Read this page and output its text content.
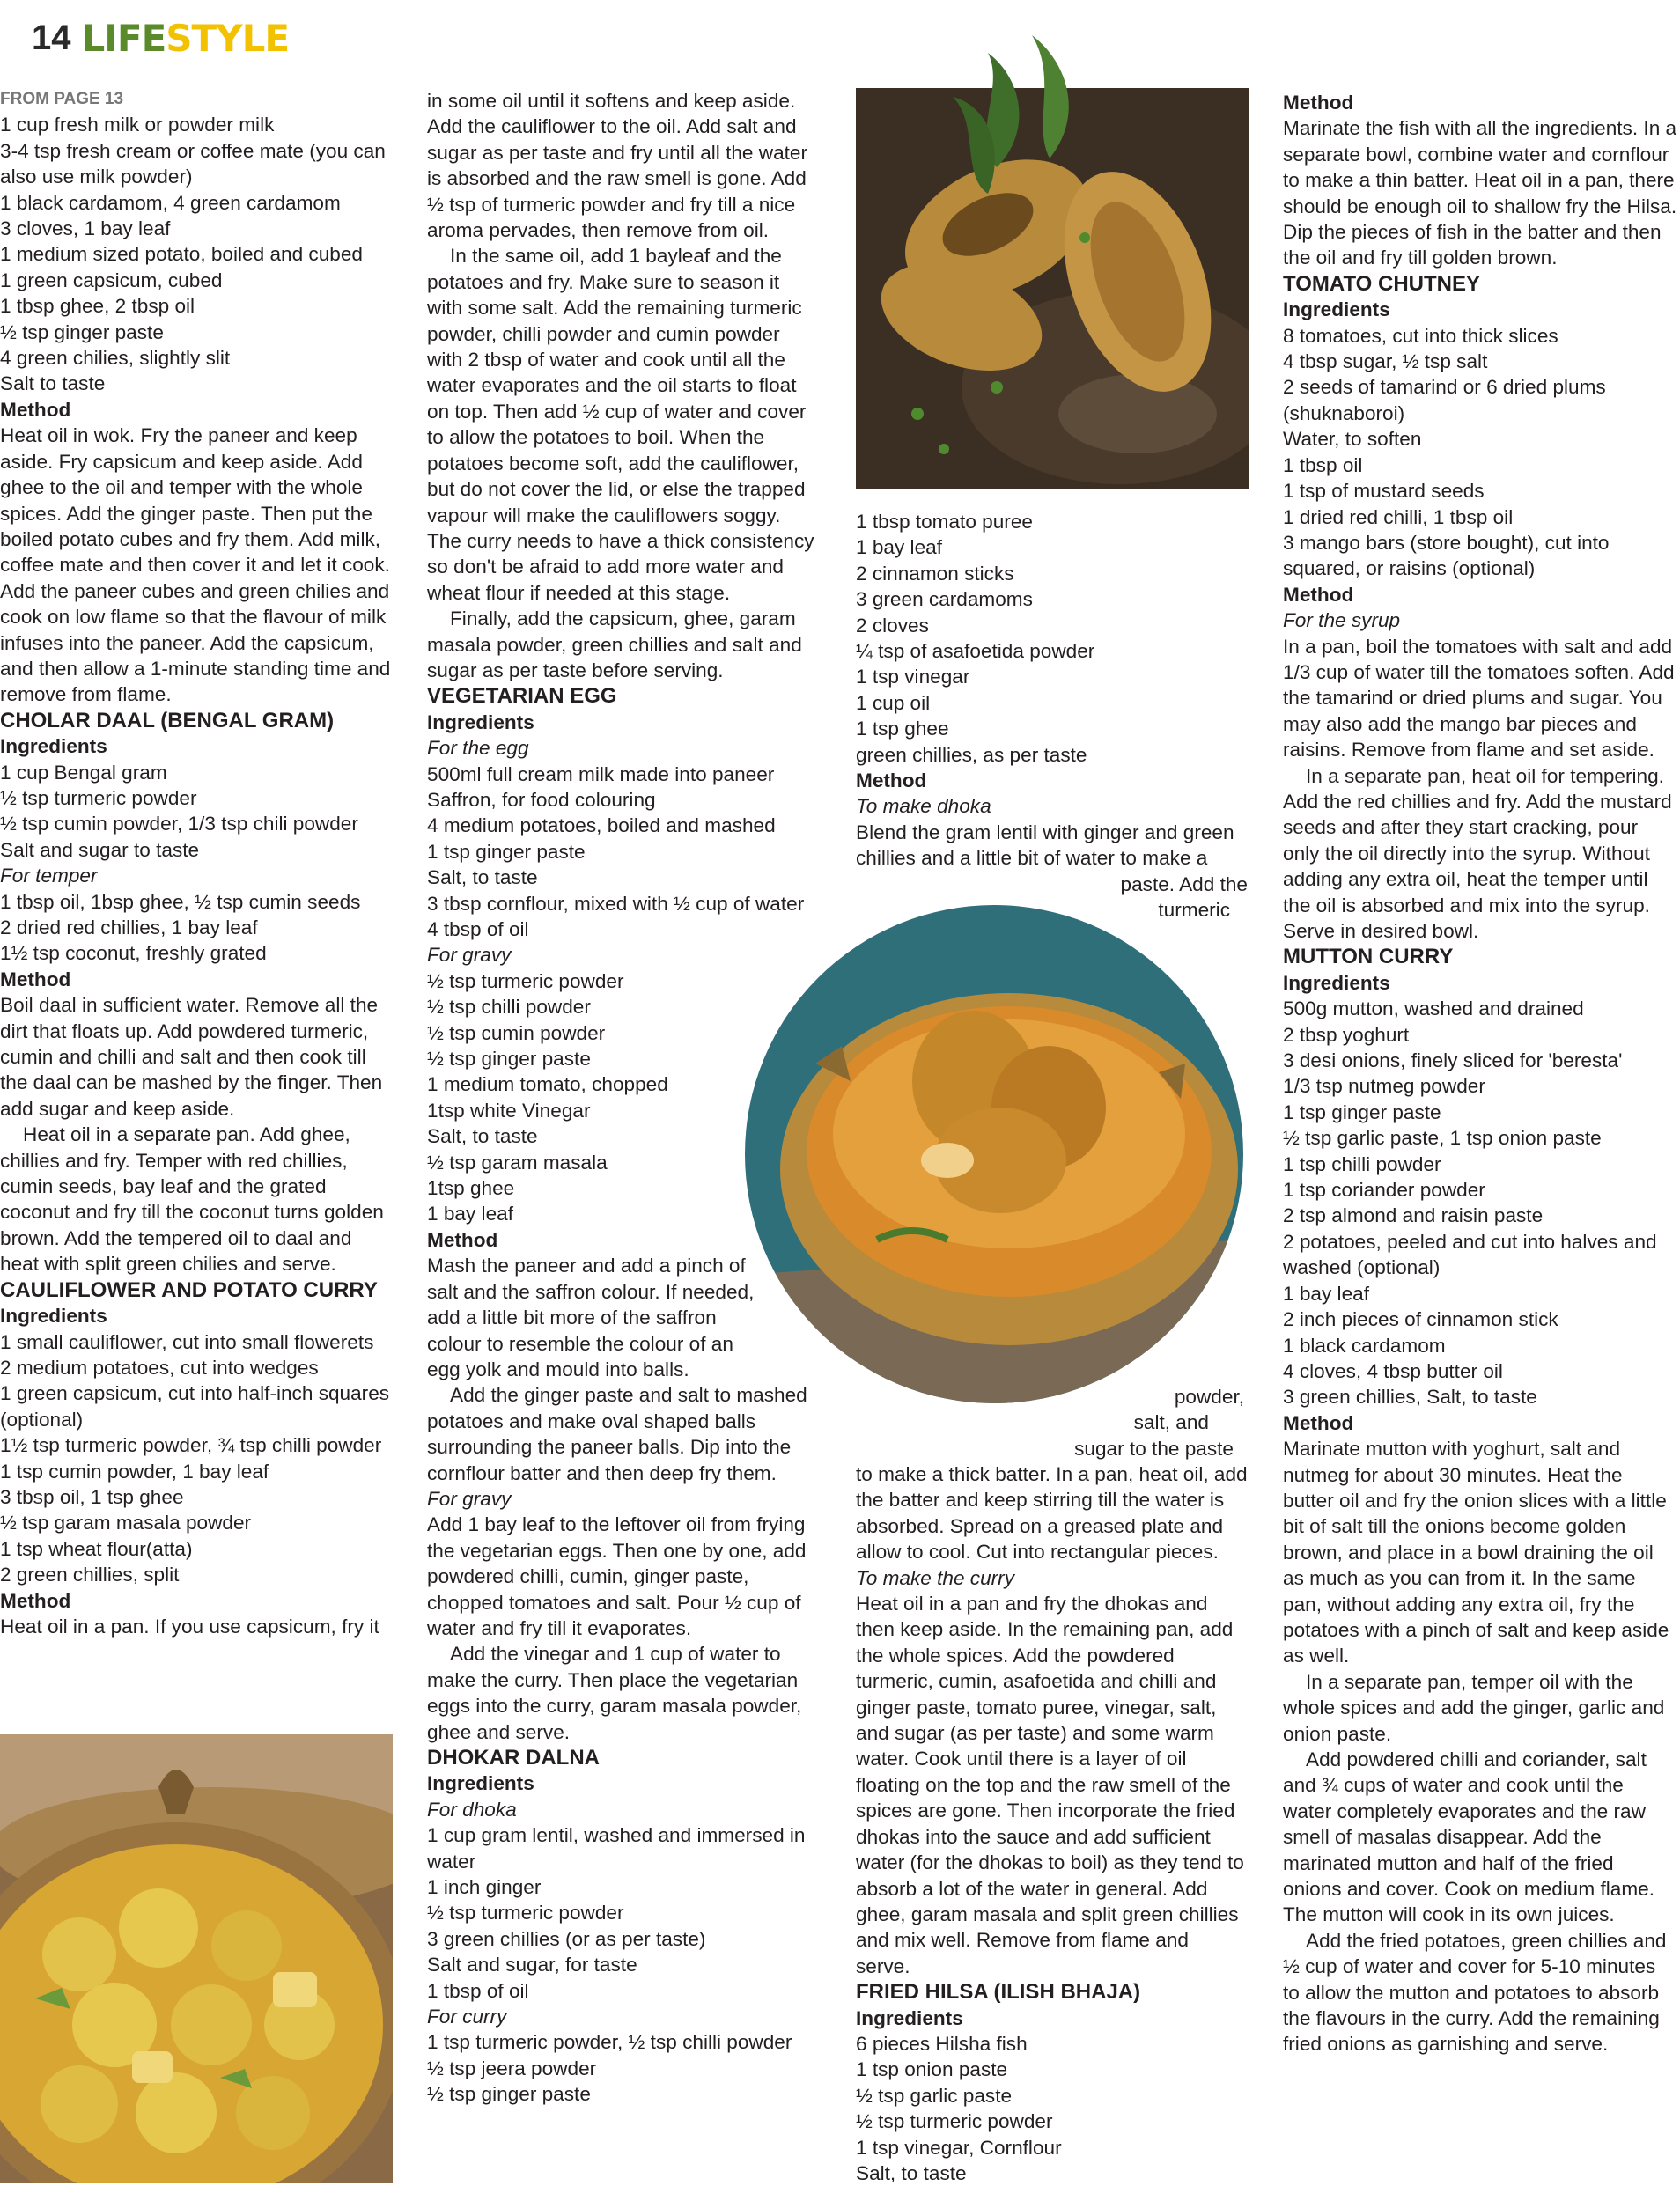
14 LIFESTYLE

FROM PAGE 13

1 cup fresh milk or powder milk

3-4 tsp fresh cream or coffee mate (you can also use milk powder)

1 black cardamom, 4 green cardamom

3 cloves, 1 bay leaf

1 medium sized potato, boiled and cubed

1 green capsicum, cubed

1 tbsp ghee, 2 tbsp oil

½ tsp ginger paste

4 green chilies, slightly slit

Salt to taste

Method

Heat oil in wok. Fry the paneer and keep aside. Fry capsicum and keep aside. Add ghee to the oil and temper with the whole spices. Add the ginger paste. Then put the boiled potato cubes and fry them. Add milk, coffee mate and then cover it and let it cook. Add the paneer cubes and green chilies and cook on low flame so that the flavour of milk infuses into the paneer. Add the capsicum, and then allow a 1-minute standing time and remove from flame.

CHOLAR DAAL (BENGAL GRAM)

Ingredients

1 cup Bengal gram

½ tsp turmeric powder

½ tsp cumin powder, 1/3 tsp chili powder

Salt and sugar to taste

For temper

1 tbsp oil, 1bsp ghee, ½ tsp cumin seeds

2 dried red chillies, 1 bay leaf

1½ tsp coconut, freshly grated

Method

Boil daal in sufficient water. Remove all the dirt that floats up. Add powdered turmeric, cumin and chilli and salt and then cook till the daal can be mashed by the finger. Then add sugar and keep aside.

Heat oil in a separate pan. Add ghee, chillies and fry. Temper with red chillies, cumin seeds, bay leaf and the grated coconut and fry till the coconut turns golden brown. Add the tempered oil to daal and heat with split green chilies and serve.

CAULIFLOWER AND POTATO CURRY

Ingredients

1 small cauliflower, cut into small flowerets

2 medium potatoes, cut into wedges

1 green capsicum, cut into half-inch squares (optional)

1½ tsp turmeric powder, ¾ tsp chilli powder

1 tsp cumin powder, 1 bay leaf

3 tbsp oil, 1 tsp ghee

½ tsp garam masala powder

1 tsp wheat flour(atta)

2 green chillies, split

Method

Heat oil in a pan. If you use capsicum, fry it

in some oil until it softens and keep aside. Add the cauliflower to the oil. Add salt and sugar as per taste and fry until all the water is absorbed and the raw smell is gone. Add ½ tsp of turmeric powder and fry till a nice aroma pervades, then remove from oil.

In the same oil, add 1 bayleaf and the potatoes and fry. Make sure to season it with some salt. Add the remaining turmeric powder, chilli powder and cumin powder with 2 tbsp of water and cook until all the water evaporates and the oil starts to float on top. Then add ½ cup of water and cover to allow the potatoes to boil. When the potatoes become soft, add the cauliflower, but do not cover the lid, or else the trapped vapour will make the cauliflowers soggy. The curry needs to have a thick consistency so don't be afraid to add more water and wheat flour if needed at this stage.

Finally, add the capsicum, ghee, garam masala powder, green chillies and salt and sugar as per taste before serving.

VEGETARIAN EGG

Ingredients

For the egg

500ml full cream milk made into paneer

Saffron, for food colouring

4 medium potatoes, boiled and mashed

1 tsp ginger paste

Salt, to taste

3 tbsp cornflour, mixed with ½ cup of water

4 tbsp of oil

For gravy

½ tsp turmeric powder

½ tsp chilli powder

½ tsp cumin powder

½ tsp ginger paste

1 medium tomato, chopped

1tsp white Vinegar

Salt, to taste

½ tsp garam masala

1tsp ghee

1 bay leaf

Method

Mash the paneer and add a pinch of salt and the saffron colour. If needed, add a little bit more of the saffron colour to resemble the colour of an egg yolk and mould into balls.

Add the ginger paste and salt to mashed potatoes and make oval shaped balls surrounding the paneer balls. Dip into the cornflour batter and then deep fry them.

For gravy

Add 1 bay leaf to the leftover oil from frying the vegetarian eggs. Then one by one, add powdered chilli, cumin, ginger paste, chopped tomatoes and salt. Pour ½ cup of water and fry till it evaporates.

Add the vinegar and 1 cup of water to make the curry. Then place the vegetarian eggs into the curry, garam masala powder, ghee and serve.

DHOKAR DALNA

Ingredients

For dhoka

1 cup gram lentil, washed and immersed in water

1 inch ginger

½ tsp turmeric powder

3 green chillies (or as per taste)

Salt and sugar, for taste

1 tbsp of oil

For curry

1 tsp turmeric powder, ½ tsp chilli powder

½ tsp jeera powder

½ tsp ginger paste

1 tbsp tomato puree

1 bay leaf

2 cinnamon sticks

3 green cardamoms

2 cloves

¼ tsp of asafoetida powder

1 tsp vinegar

1 cup oil

1 tsp ghee

green chillies, as per taste

Method

To make dhoka

Blend the gram lentil with ginger and green chillies and a little bit of water to make a

paste. Add the

turmeric

powder,

salt, and

sugar to the paste

to make a thick batter. In a pan, heat oil, add the batter and keep stirring till the water is absorbed. Spread on a greased plate and allow to cool. Cut into rectangular pieces.

To make the curry

Heat oil in a pan and fry the dhokas and then keep aside. In the remaining pan, add the whole spices. Add the powdered turmeric, cumin, asafoetida and chilli and ginger paste, tomato puree, vinegar, salt, and sugar (as per taste) and some warm water. Cook until there is a layer of oil floating on the top and the raw smell of the spices are gone. Then incorporate the fried dhokas into the sauce and add sufficient water (for the dhokas to boil) as they tend to absorb a lot of the water in general. Add ghee, garam masala and split green chillies and mix well. Remove from flame and serve.

FRIED HILSA (ILISH BHAJA)

Ingredients

6 pieces Hilsha fish

1 tsp onion paste

½ tsp garlic paste

½ tsp turmeric powder

1 tsp vinegar, Cornflour

Salt, to taste

Method

Marinate the fish with all the ingredients. In a separate bowl, combine water and cornflour to make a thin batter. Heat oil in a pan, there should be enough oil to shallow fry the Hilsa. Dip the pieces of fish in the batter and then the oil and fry till golden brown.

TOMATO CHUTNEY

Ingredients

8 tomatoes, cut into thick slices

4 tbsp sugar, ½ tsp salt

2 seeds of tamarind or 6 dried plums (shuknaboroi)

Water, to soften

1 tbsp oil

1 tsp of mustard seeds

1 dried red chilli, 1 tbsp oil

3 mango bars (store bought), cut into squared, or raisins (optional)

Method

For the syrup

In a pan, boil the tomatoes with salt and add 1/3 cup of water till the tomatoes soften. Add the tamarind or dried plums and sugar. You may also add the mango bar pieces and raisins. Remove from flame and set aside.

In a separate pan, heat oil for tempering. Add the red chillies and fry. Add the mustard seeds and after they start cracking, pour only the oil directly into the syrup. Without adding any extra oil, heat the temper until the oil is absorbed and mix into the syrup. Serve in desired bowl.

MUTTON CURRY

Ingredients

500g mutton, washed and drained

2 tbsp yoghurt

3 desi onions, finely sliced for 'beresta'

1/3 tsp nutmeg powder

1 tsp ginger paste

½ tsp garlic paste, 1 tsp onion paste

1 tsp chilli powder

1 tsp coriander powder

2 tsp almond and raisin paste

2 potatoes, peeled and cut into halves and washed (optional)

1 bay leaf

2 inch pieces of cinnamon stick

1 black cardamom

4 cloves, 4 tbsp butter oil

3 green chillies, Salt, to taste

Method

Marinate mutton with yoghurt, salt and nutmeg for about 30 minutes. Heat the butter oil and fry the onion slices with a little bit of salt till the onions become golden brown, and place in a bowl draining the oil as much as you can from it. In the same pan, without adding any extra oil, fry the potatoes with a pinch of salt and keep aside as well.

In a separate pan, temper oil with the whole spices and add the ginger, garlic and onion paste.

Add powdered chilli and coriander, salt and ¾ cups of water and cook until the water completely evaporates and the raw smell of masalas disappear. Add the marinated mutton and half of the fried onions and cover. Cook on medium flame. The mutton will cook in its own juices.

Add the fried potatoes, green chillies and ½ cup of water and cover for 5-10 minutes to allow the mutton and potatoes to absorb the flavours in the curry. Add the remaining fried onions as garnishing and serve.
